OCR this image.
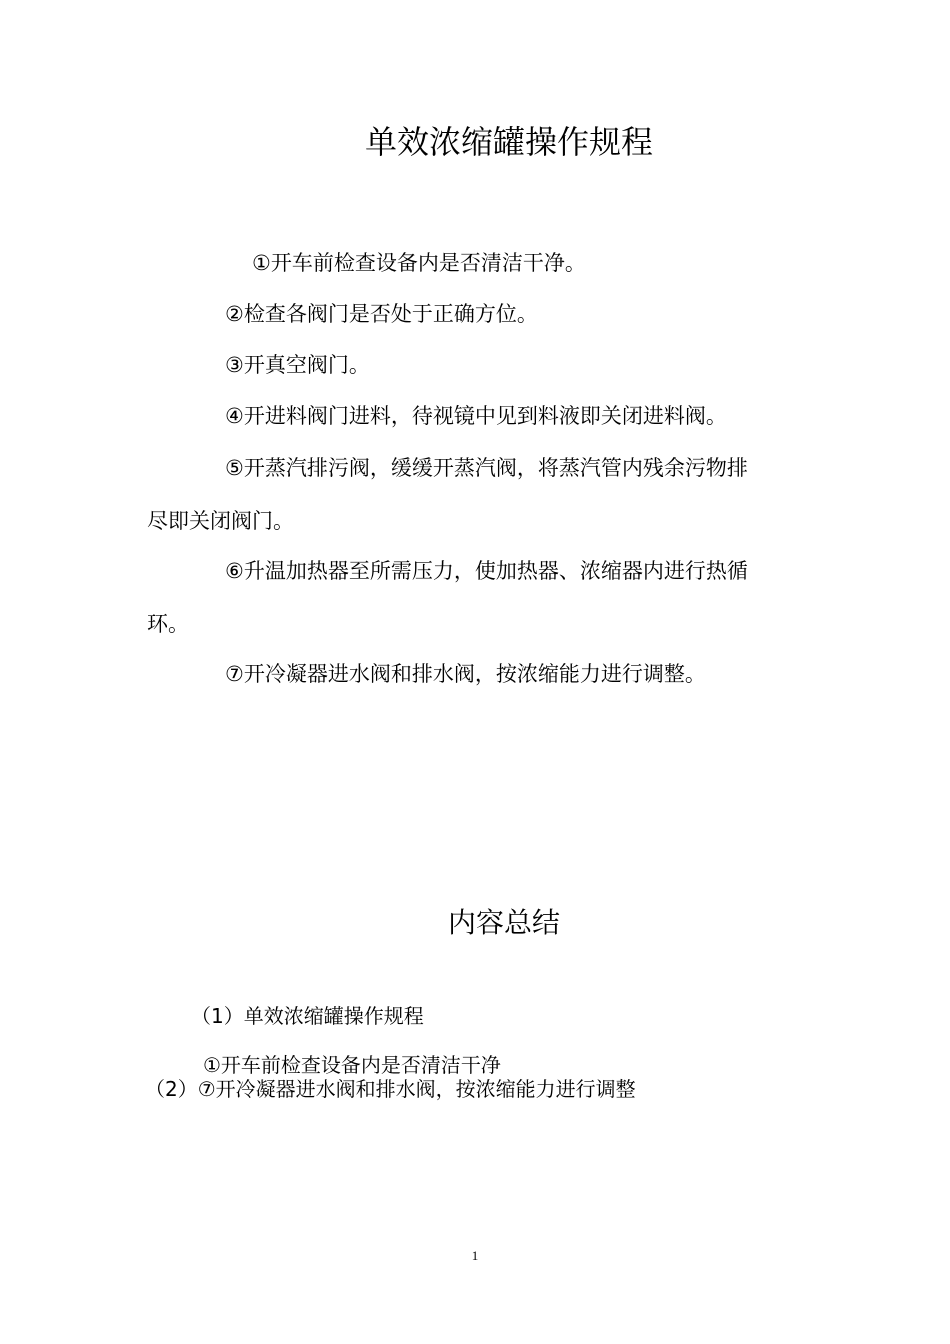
单效浓缩罐操作规程
①开车前检查设备内是否清洁干净。
②检查各阀门是否处于正确方位。
③开真空阀门。
④开进料阀门进料，待视镜中见到料液即关闭进料阀。
⑤开蒸汽排污阀，缓缓开蒸汽阀，将蒸汽管内残余污物排
尽即关闭阀门。
⑥升温加热器至所需压力，使加热器、浓缩器内进行热循
环。
⑦开冷凝器进水阀和排水阀，按浓缩能力进行调整。
内容总结
（1）单效浓缩罐操作规程
①开车前检查设备内是否清洁干净
（2）⑦开冷凝器进水阀和排水阀，按浓缩能力进行调整
1
